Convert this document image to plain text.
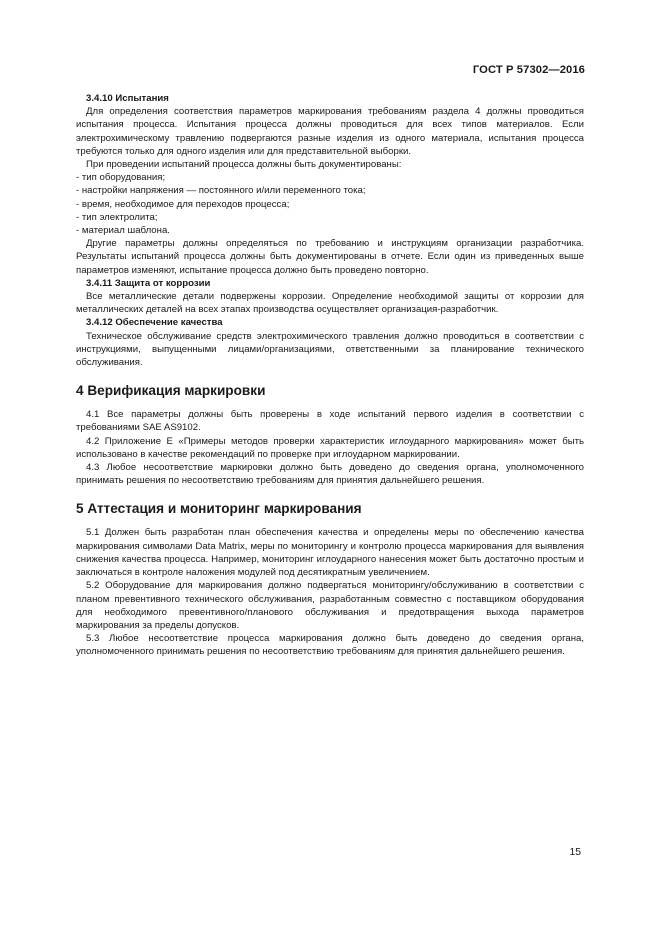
ГОСТ Р 57302—2016

3.4.10 Испытания

Для определения соответствия параметров маркирования требованиям раздела 4 должны проводиться испытания процесса. Испытания процесса должны проводиться для всех типов материалов. Если электрохимическому травлению подвергаются разные изделия из одного материала, испытания процесса требуются только для одного изделия или для представительной выборки.

При проведении испытаний процесса должны быть документированы:

- тип оборудования;
- настройки напряжения — постоянного и/или переменного тока;
- время, необходимое для переходов процесса;
- тип электролита;
- материал шаблона.

Другие параметры должны определяться по требованию и инструкциям организации разработчика. Результаты испытаний процесса должны быть документированы в отчете. Если один из приведенных выше параметров изменяют, испытание процесса должно быть проведено повторно.

3.4.11 Защита от коррозии

Все металлические детали подвержены коррозии. Определение необходимой защиты от коррозии для металлических деталей на всех этапах производства осуществляет организация-разработчик.

3.4.12 Обеспечение качества

Техническое обслуживание средств электрохимического травления должно проводиться в соответствии с инструкциями, выпущенными лицами/организациями, ответственными за планирование технического обслуживания.

4 Верификация маркировки

4.1 Все параметры должны быть проверены в ходе испытаний первого изделия в соответствии с требованиями SAE AS9102.

4.2 Приложение Е «Примеры методов проверки характеристик иглоударного маркирования» может быть использовано в качестве рекомендаций по проверке при иглоударном маркировании.

4.3 Любое несоответствие маркировки должно быть доведено до сведения органа, уполномоченного принимать решения по несоответствию требованиям для принятия дальнейшего решения.

5 Аттестация и мониторинг маркирования

5.1 Должен быть разработан план обеспечения качества и определены меры по обеспечению качества маркирования символами Data Matrix, меры по мониторингу и контролю процесса маркирования для выявления снижения качества процесса. Например, мониторинг иглоударного нанесения может быть достаточно простым и заключаться в контроле наложения модулей под десятикратным увеличением.

5.2 Оборудование для маркирования должно подвергаться мониторингу/обслуживанию в соответствии с планом превентивного технического обслуживания, разработанным совместно с поставщиком оборудования для необходимого превентивного/планового обслуживания и предотвращения выхода параметров маркирования за пределы допусков.

5.3 Любое несоответствие процесса маркирования должно быть доведено до сведения органа, уполномоченного принимать решения по несоответствию требованиям для принятия дальнейшего решения.

15
